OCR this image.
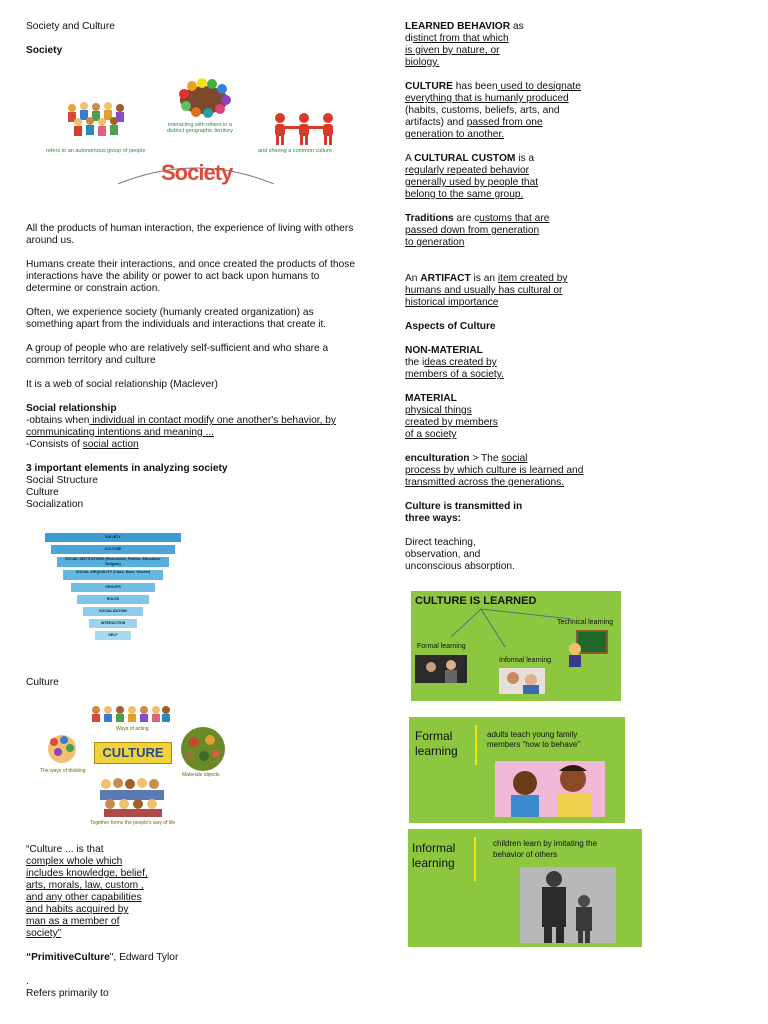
Society and Culture

Society

refers to an autonomous group of people
interacting with others in a distinct geographic territory
and sharing a common culture
Society

All the products of human interaction, the experience of living with others around us.

Humans create their interactions, and once created the products of those interactions have the ability or power to act back upon humans to determine or constrain action.

Often, we experience society (humanly created organization) as something apart from the individuals and interactions that create it.

A group of people who are relatively self-sufficient and who share a common territory and culture

It is a web of social relationship (Maclever)

Social relationship

-obtains when individual in contact modify one another's behavior, by communicating intentions and meaning ...

-Consists of social action

3 important elements in analyzing society

Social Structure

Culture

Socialization

SOCIETY
CULTURE
SOCIAL INSTITUTIONS (Economics, Politics, Education, Religion)
SOCIAL INEQUALITY (Class, Race, Gender)
GROUPS
ROLES
SOCIALIZATION
INTERACTION
SELF

Culture

Ways of acting
The ways of thinking
CULTURE
Materials objects
Together forms the people's way of life

“Culture ... is that

complex whole which

includes knowledge, belief,

arts, morals, law, custom ,

and any other capabilities

and habits acquired by

man as a member of

society”

“PrimitiveCulture", Edward Tylor

.

Refers primarily to

LEARNED BEHAVIOR as

distinct from that which

is given by nature, or

biology.

CULTURE has been used to designate

everything that is humanly produced

(habits, customs, beliefs, arts, and

artifacts) and passed from one

generation to another.

A CULTURAL CUSTOM is a

regularly repeated behavior

generally used by people that

belong to the same group.

Traditions are customs that are

passed down from generation

to generation

An ARTIFACT is an item created by

humans and usually has cultural or

historical importance

Aspects of Culture

NON-MATERIAL

the ideas created by

members of a society.

MATERIAL

physical things

created by members

of a society

enculturation > The social

process by which culture is learned and

transmitted across the generations.

Culture is transmitted in

three ways:

Direct teaching,

observation, and

unconscious absorption.

CULTURE IS LEARNED
Technical learning
Formal learning
Informal learning
Formal
learning
adults teach young family
members “how to behave”
Informal
learning
children learn by imitating the
behavior of others
